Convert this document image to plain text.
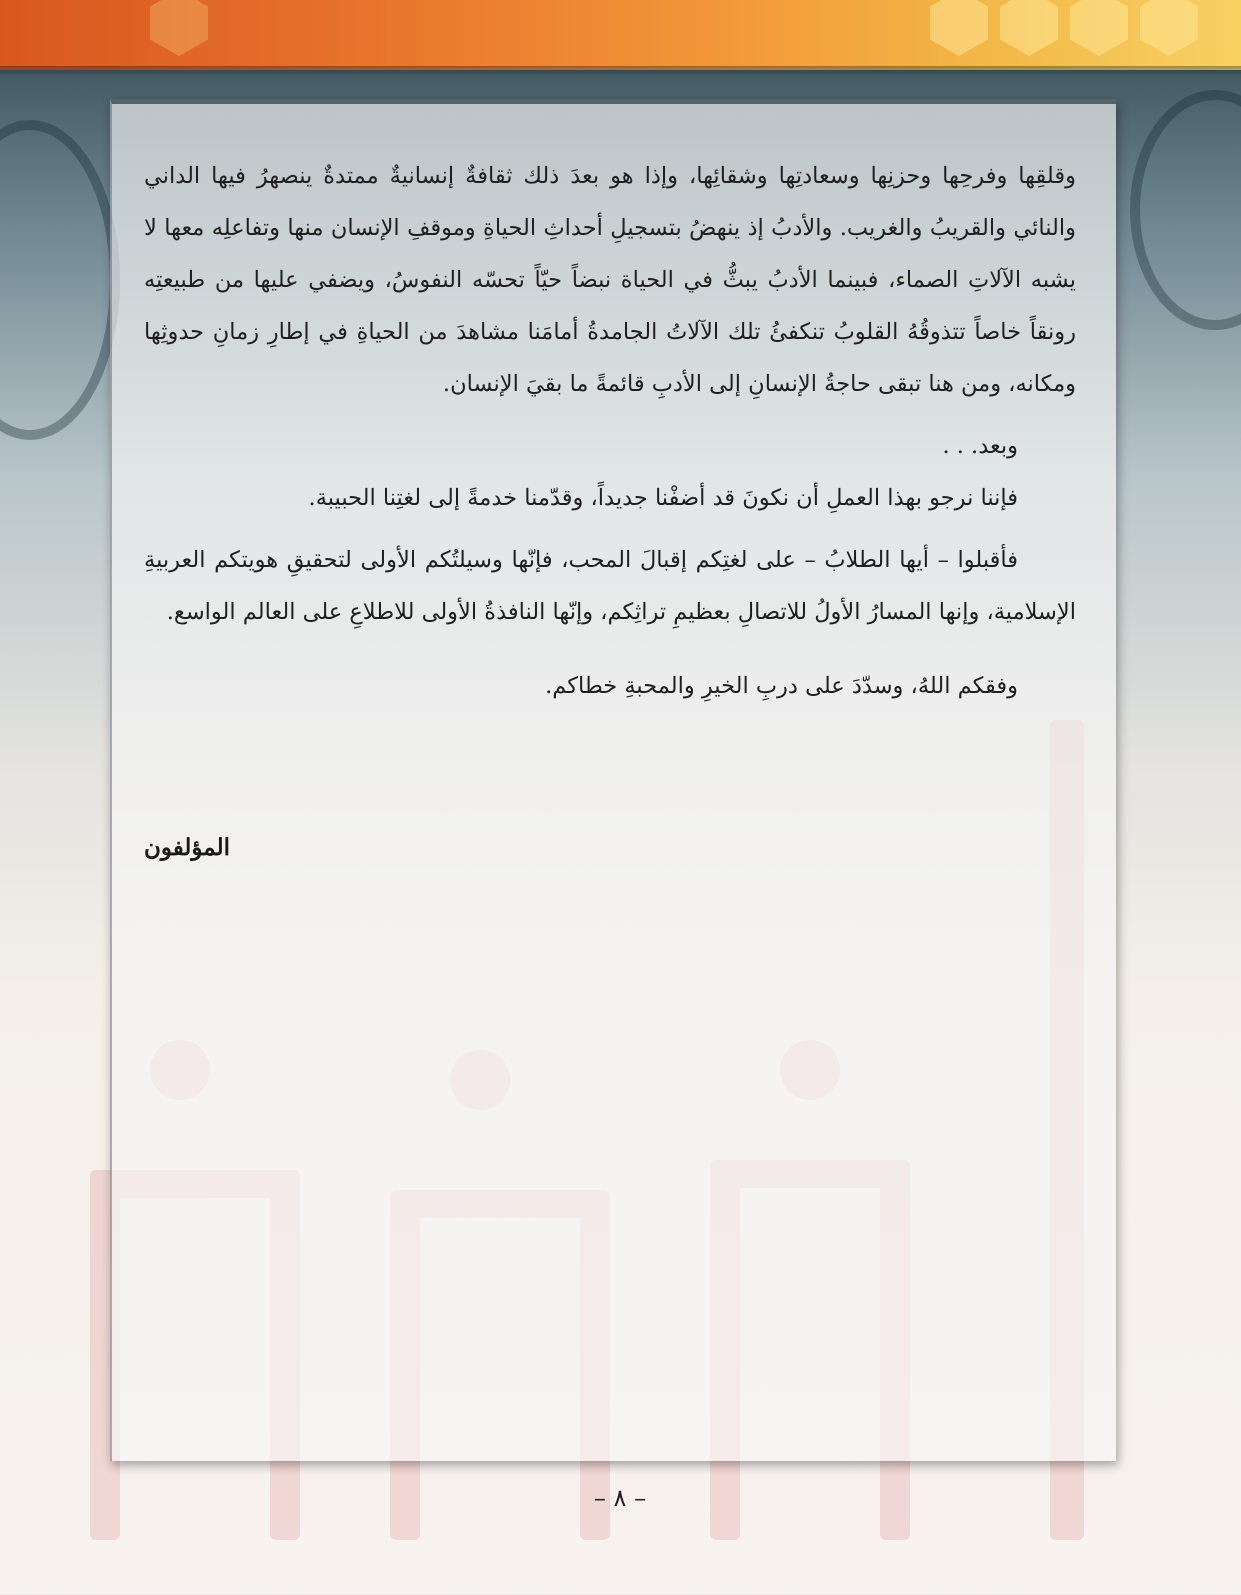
وقلقِها وفرحِها وحزنِها وسعادتِها وشقائِها، وإذا هو بعدَ ذلك ثقافةٌ إنسانيةٌ ممتدةٌ ينصهرُ فيها الداني والنائي والقريبُ والغريب. والأدبُ إذ ينهضُ بتسجيلِ أحداثِ الحياةِ وموقفِ الإنسان منها وتفاعلِه معها لا يشبه الآلاتِ الصماء، فبينما الأدبُ يبثُّ في الحياة نبضاً حيّاً تحسّه النفوسُ، ويضفي عليها من طبيعتِه رونقاً خاصاً تتذوقُهُ القلوبُ تنكفئُ تلك الآلاتُ الجامدةُ أمامَنا مشاهدَ من الحياةِ في إطارِ زمانِ حدوثِها ومكانه، ومن هنا تبقى حاجةُ الإنسانِ إلى الأدبِ قائمةً ما بقيَ الإنسان.

وبعد. . .

فإننا نرجو بهذا العملِ أن نكونَ قد أضفْنا جديداً، وقدّمنا خدمةً إلى لغتِنا الحبيبة.

فأقبلوا – أيها الطلابُ – على لغتِكم إقبالَ المحب، فإنّها وسيلتُكم الأولى لتحقيقِ هويتكم العربيةِ الإسلامية، وإنها المسارُ الأولُ للاتصالِ بعظيمِ تراثِكم، وإنّها النافذةُ الأولى للاطلاعِ على العالم الواسع.

وفقكم اللهُ، وسدّدَ على دربِ الخيرِ والمحبةِ خطاكم.

المؤلفون
– ٨ –
